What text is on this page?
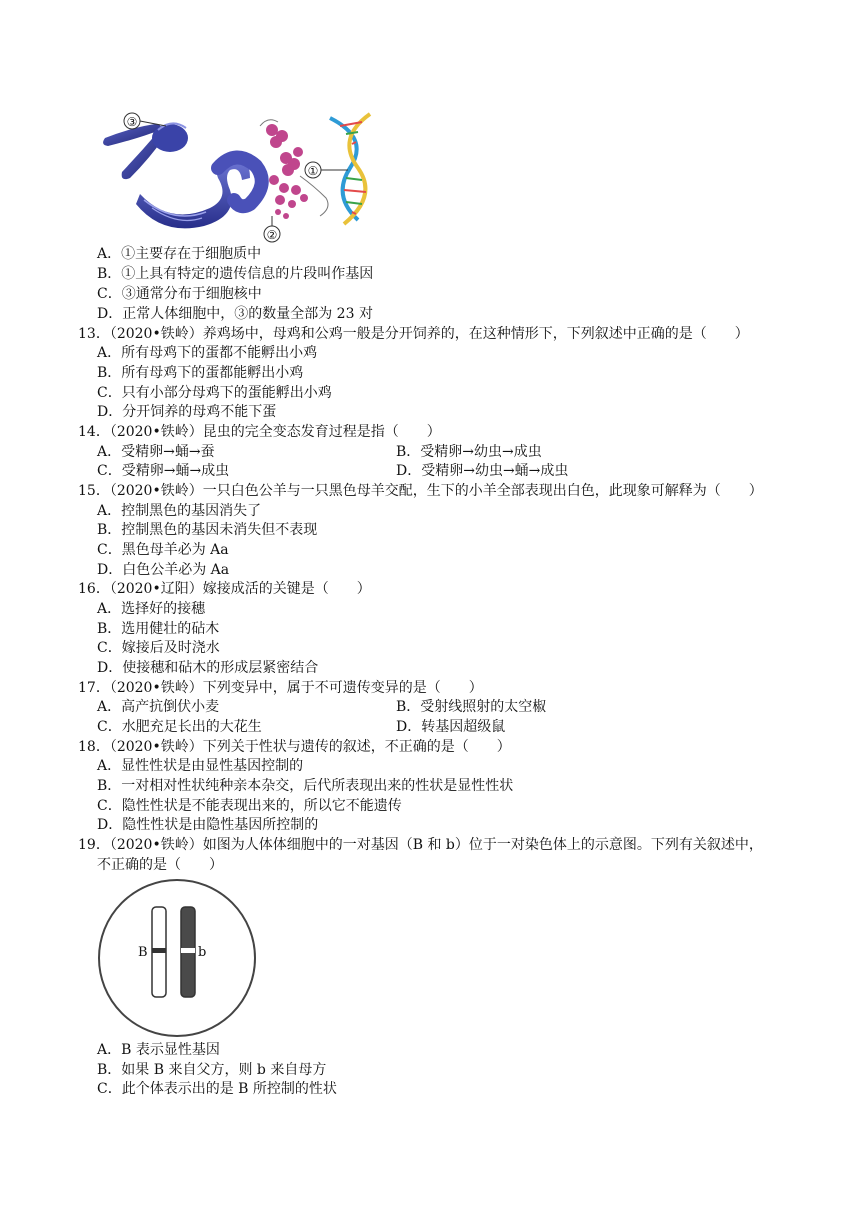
③
①
②
A．①主要存在于细胞质中
B．①上具有特定的遗传信息的片段叫作基因
C．③通常分布于细胞核中
D．正常人体细胞中，③的数量全部为 23 对
13．（2020•铁岭）养鸡场中，母鸡和公鸡一般是分开饲养的，在这种情形下，下列叙述中正确的是（　　）
A．所有母鸡下的蛋都不能孵出小鸡
B．所有母鸡下的蛋都能孵出小鸡
C．只有小部分母鸡下的蛋能孵出小鸡
D．分开饲养的母鸡不能下蛋
14．（2020•铁岭）昆虫的完全变态发育过程是指（　　）
A．受精卵→蛹→蚕	B．受精卵→幼虫→成虫
C．受精卵→蛹→成虫	D．受精卵→幼虫→蛹→成虫
15．（2020•铁岭）一只白色公羊与一只黑色母羊交配，生下的小羊全部表现出白色，此现象可解释为（　　）
A．控制黑色的基因消失了
B．控制黑色的基因未消失但不表现
C．黑色母羊必为 Aa
D．白色公羊必为 Aa
16．（2020•辽阳）嫁接成活的关键是（　　）
A．选择好的接穗
B．选用健壮的砧木
C．嫁接后及时浇水
D．使接穗和砧木的形成层紧密结合
17．（2020•铁岭）下列变异中，属于不可遗传变异的是（　　）
A．高产抗倒伏小麦	B．受射线照射的太空椒
C．水肥充足长出的大花生	D．转基因超级鼠
18．（2020•铁岭）下列关于性状与遗传的叙述，不正确的是（　　）
A．显性性状是由显性基因控制的
B．一对相对性状纯种亲本杂交，后代所表现出来的性状是显性性状
C．隐性性状是不能表现出来的，所以它不能遗传
D．隐性性状是由隐性基因所控制的
19．（2020•铁岭）如图为人体体细胞中的一对基因（B 和 b）位于一对染色体上的示意图。下列有关叙述中，
不正确的是（　　）
B	b
A．B 表示显性基因
B．如果 B 来自父方，则 b 来自母方
C．此个体表示出的是 B 所控制的性状
